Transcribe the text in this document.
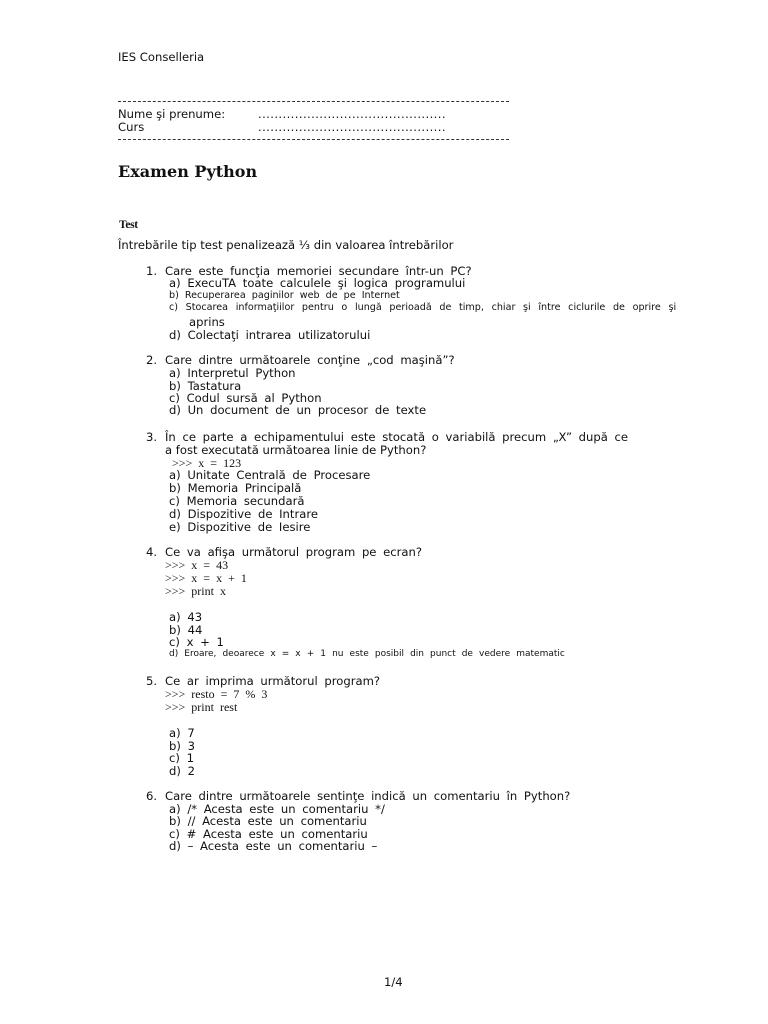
IES Conselleria
Nume şi prenume:	..............................................
Curs	..............................................
Examen Python
Test
Întrebările tip test penalizează ⅓ din valoarea întrebărilor
1. Care este funcţia memoriei secundare într-un PC?
a) ExecuTA toate calculele şi logica programului
b) Recuperarea paginilor web de pe Internet
c) Stocarea informaţiilor pentru o lungă perioadă de timp, chiar şi între ciclurile de oprire şi
aprins
d) Colectaţi intrarea utilizatorului
2. Care dintre următoarele conţine „cod maşină”?
a) Interpretul Python
b) Tastatura
c) Codul sursă al Python
d) Un document de un procesor de texte
3. În ce parte a echipamentului este stocată o variabilă precum „X” după ce
a fost executată următoarea linie de Python?
>>> x = 123
a) Unitate Centrală de Procesare
b) Memoria Principală
c) Memoria secundară
d) Dispozitive de Intrare
e) Dispozitive de Iesire
4. Ce va afişa următorul program pe ecran?
>>> x = 43
>>> x = x + 1
>>> print x
a) 43
b) 44
c) x + 1
d) Eroare, deoarece x = x + 1 nu este posibil din punct de vedere matematic
5. Ce ar imprima următorul program?
>>> resto = 7 % 3
>>> print rest
a) 7
b) 3
c) 1
d) 2
6. Care dintre următoarele sentinţe indică un comentariu în Python?
a) /* Acesta este un comentariu */
b) // Acesta este un comentariu
c) # Acesta este un comentariu
d) – Acesta este un comentariu –
1/4
